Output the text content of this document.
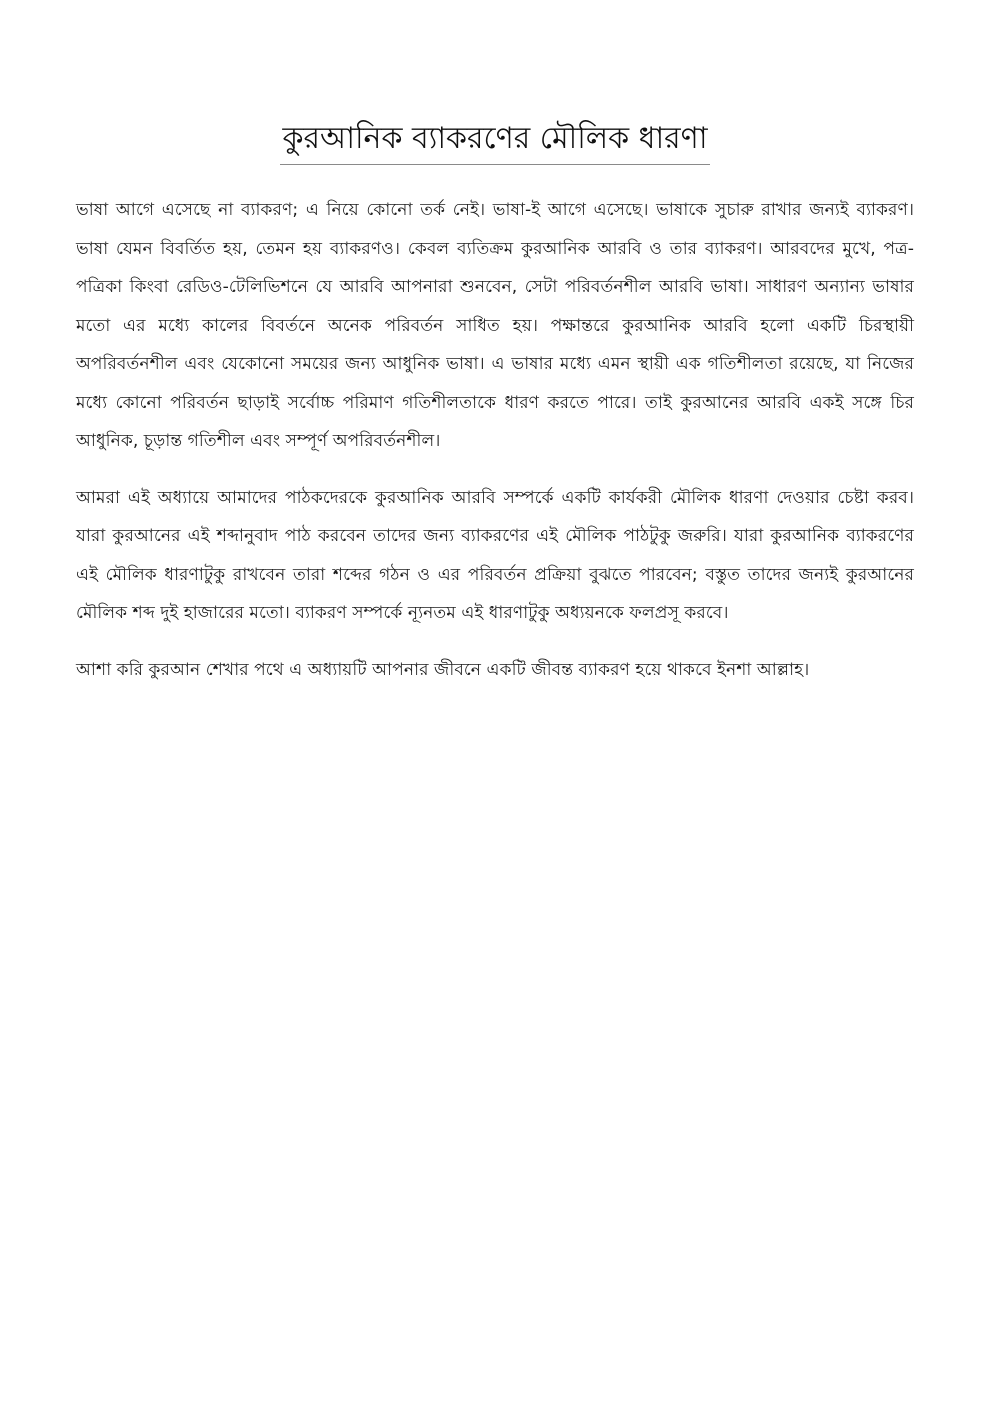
কুরআনিক ব্যাকরণের মৌলিক ধারণা

ভাষা আগে এসেছে না ব্যাকরণ; এ নিয়ে কোনো তর্ক নেই। ভাষা-ই আগে এসেছে। ভাষাকে সুচারু রাখার জন্যই ব্যাকরণ। ভাষা যেমন বিবর্তিত হয়, তেমন হয় ব্যাকরণও। কেবল ব্যতিক্রম কুরআনিক আরবি ও তার ব্যাকরণ। আরবদের মুখে, পত্র-পত্রিকা কিংবা রেডিও-টেলিভিশনে যে আরবি আপনারা শুনবেন, সেটা পরিবর্তনশীল আরবি ভাষা। সাধারণ অন্যান্য ভাষার মতো এর মধ্যে কালের বিবর্তনে অনেক পরিবর্তন সাধিত হয়। পক্ষান্তরে কুরআনিক আরবি হলো একটি চিরস্থায়ী অপরিবর্তনশীল এবং যেকোনো সময়ের জন্য আধুনিক ভাষা। এ ভাষার মধ্যে এমন স্থায়ী এক গতিশীলতা রয়েছে, যা নিজের মধ্যে কোনো পরিবর্তন ছাড়াই সর্বোচ্চ পরিমাণ গতিশীলতাকে ধারণ করতে পারে। তাই কুরআনের আরবি একই সঙ্গে চির আধুনিক, চূড়ান্ত গতিশীল এবং সম্পূর্ণ অপরিবর্তনশীল।

আমরা এই অধ্যায়ে আমাদের পাঠকদেরকে কুরআনিক আরবি সম্পর্কে একটি কার্যকরী মৌলিক ধারণা দেওয়ার চেষ্টা করব। যারা কুরআনের এই শব্দানুবাদ পাঠ করবেন তাদের জন্য ব্যাকরণের এই মৌলিক পাঠটুকু জরুরি। যারা কুরআনিক ব্যাকরণের এই মৌলিক ধারণাটুকু রাখবেন তারা শব্দের গঠন ও এর পরিবর্তন প্রক্রিয়া বুঝতে পারবেন; বস্তুত তাদের জন্যই কুরআনের মৌলিক শব্দ দুই হাজারের মতো। ব্যাকরণ সম্পর্কে ন্যূনতম এই ধারণাটুকু অধ্যয়নকে ফলপ্রসূ করবে।

আশা করি কুরআন শেখার পথে এ অধ্যায়টি আপনার জীবনে একটি জীবন্ত ব্যাকরণ হয়ে থাকবে ইনশা আল্লাহ।
